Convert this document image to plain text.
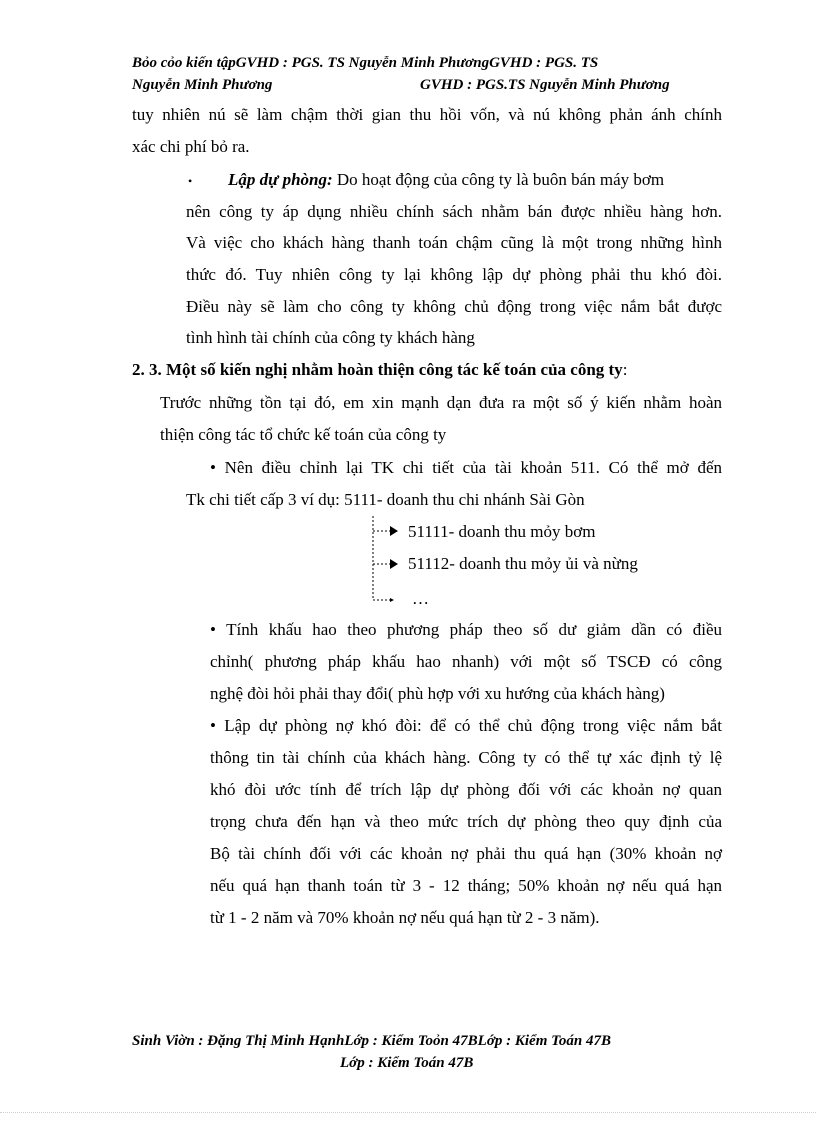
Bỏo cỏo kiến tậpGVHD : PGS. TS Nguyễn Minh PhươngGVHD : PGS. TS
Nguyễn Minh Phương	GVHD : PGS.TS Nguyễn Minh Phương
tuy nhiên nú sẽ làm chậm thời gian thu hồi vốn, và nú không phản ánh chính
xác chi phí bỏ ra.
• Lập dự phòng: Do hoạt động của công ty là buôn bán máy bơm
nên công ty áp dụng nhiều chính sách nhằm bán được nhiều hàng hơn.
Và việc cho khách hàng thanh toán chậm cũng là một trong những hình
thức đó. Tuy nhiên công ty lại không lập dự phòng phải thu khó đòi.
Điều này sẽ làm cho công ty không chủ động trong việc nắm bắt được
tình hình tài chính của công ty khách hàng
2. 3. Một số kiến nghị nhằm hoàn thiện công tác kế toán của công ty:
Trước những tồn tại đó, em xin mạnh dạn đưa ra một số ý kiến nhằm hoàn
thiện công tác tổ chức kế toán của công ty
• Nên điều chỉnh lại TK chi tiết của tài khoản 511. Có thể mở đến
Tk chi tiết cấp 3 ví dụ: 5111- doanh thu chi nhánh Sài Gòn
51111- doanh thu mỏy bơm
51112- doanh thu mỏy ủi và nừng
…
• Tính khấu hao theo phương pháp theo số dư giảm dần có điều
chỉnh( phương pháp khấu hao nhanh) với một số TSCĐ có công
nghệ đòi hỏi phải thay đổi( phù hợp với xu hướng của khách hàng)
• Lập dự phòng nợ khó đòi: để có thể chủ động trong việc nắm bắt
thông tin tài chính của khách hàng. Công ty có thể tự xác định tỷ lệ
khó đòi ước tính để trích lập dự phòng đối với các khoản nợ quan
trọng chưa đến hạn và theo mức trích dự phòng theo quy định của
Bộ tài chính đối với các khoản nợ phải thu quá hạn (30% khoản nợ
nếu quá hạn thanh toán từ 3 - 12 tháng; 50% khoản nợ nếu quá hạn
từ 1 - 2 năm và 70% khoản nợ nếu quá hạn từ 2 - 3 năm).
Sinh Viờn : Đặng Thị Minh HạnhLớp : Kiểm Toỏn 47BLớp : Kiểm Toán 47B
Lớp : Kiểm Toán 47B
